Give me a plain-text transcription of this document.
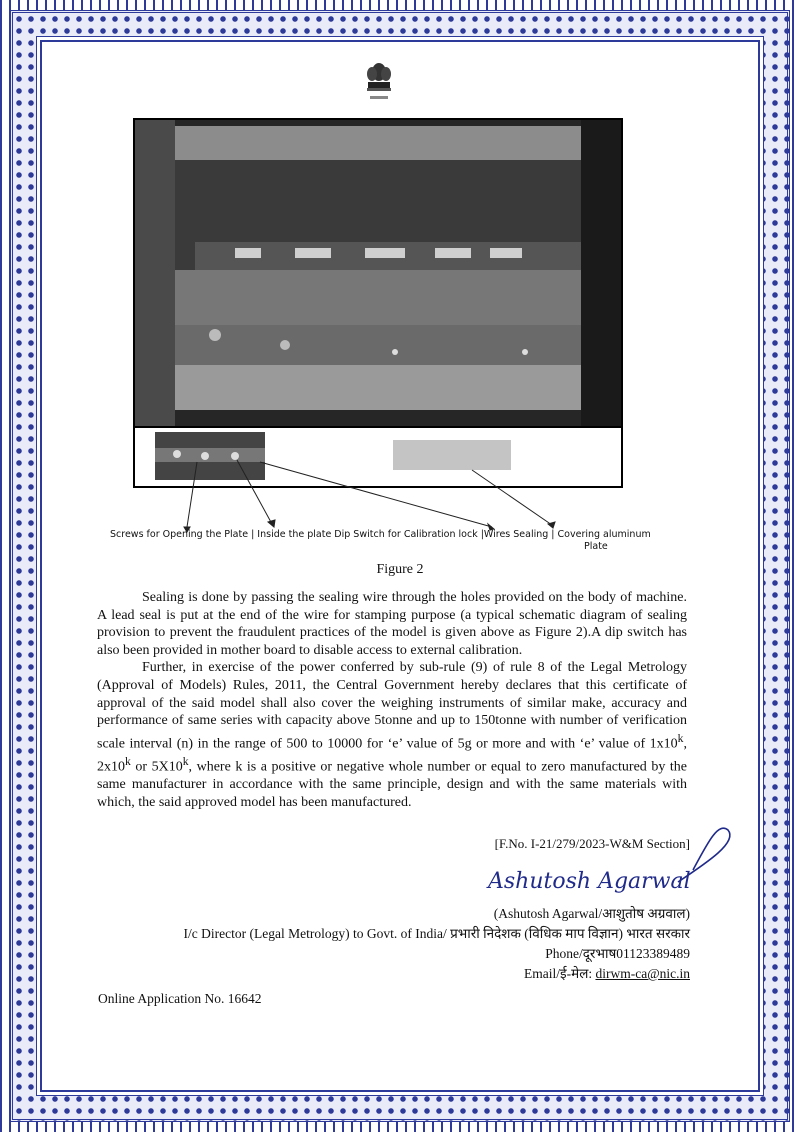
Screws for Opening the Plate | Inside the plate Dip Switch for Calibration lock |Wires Sealing | Covering aluminum
Plate
Figure 2

Sealing is done by passing the sealing wire through the holes provided on the body of machine. A lead seal is put at the end of the wire for stamping purpose (a typical schematic diagram of sealing provision to prevent the fraudulent practices of the model is given above as Figure 2).A dip switch has also been provided in mother board to disable access to external calibration.

Further, in exercise of the power conferred by sub-rule (9) of rule 8 of the Legal Metrology (Approval of Models) Rules, 2011, the Central Government hereby declares that this certificate of approval of the said model shall also cover the weighing instruments of similar make, accuracy and performance of same series with capacity above 5tonne and up to 150tonne with number of verification scale interval (n) in the range of 500 to 10000 for ‘e’ value of 5g or more and with ‘e’ value of 1x10$^k$, 2x10$^k$ or 5X10$^k$, where k is a positive or negative whole number or equal to zero manufactured by the same manufacturer in accordance with the same principle, design and with the same materials with which, the said approved model has been manufactured.

[F.No. I-21/279/2023-W&M Section]
Ashutosh Agarwal
(Ashutosh Agarwal/आशुतोष अग्रवाल)
I/c Director (Legal Metrology) to Govt. of India/ प्रभारी निदेशक (विधिक माप विज्ञान) भारत सरकार
Phone/दूरभाष01123389489
Email/ई-मेल: dirwm-ca@nic.in
Online Application No. 16642
